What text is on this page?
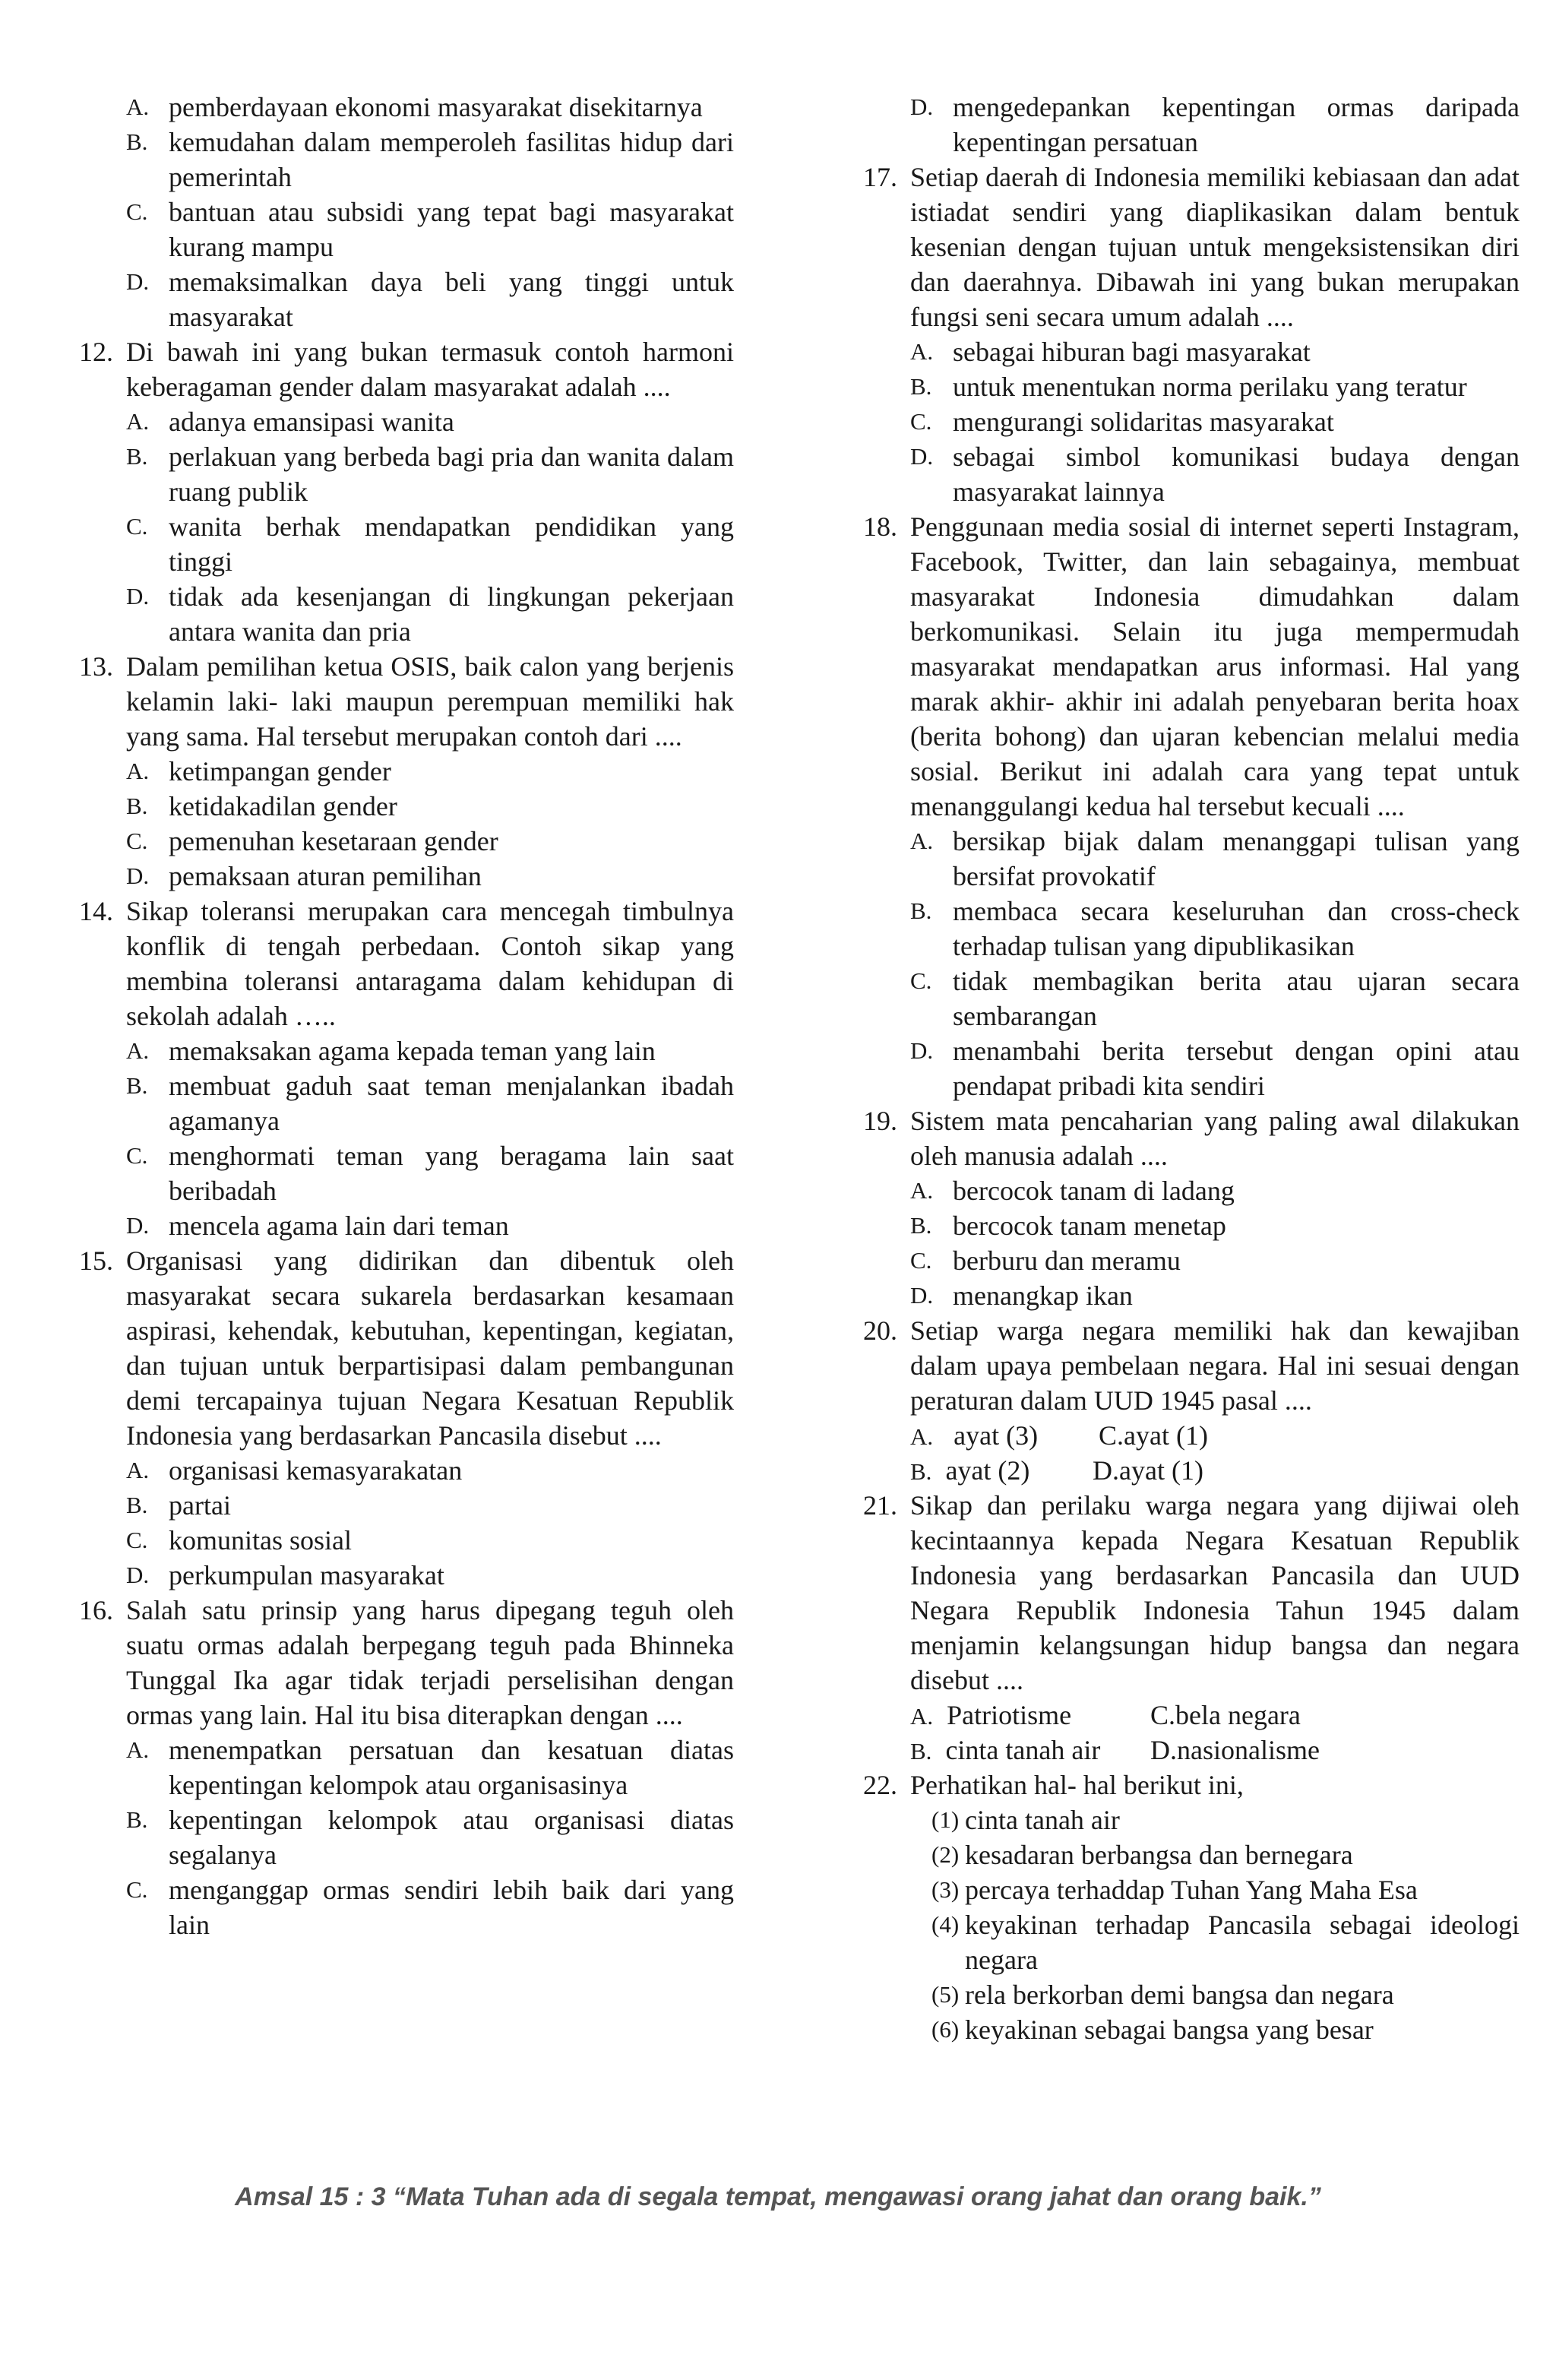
A. pemberdayaan ekonomi masyarakat disekitarnya
B. kemudahan dalam memperoleh fasilitas hidup dari pemerintah
C. bantuan atau subsidi yang tepat bagi masyarakat kurang mampu
D. memaksimalkan daya beli yang tinggi untuk masyarakat
12. Di bawah ini yang bukan termasuk contoh harmoni keberagaman gender dalam masyarakat adalah ....
A. adanya emansipasi wanita
B. perlakuan yang berbeda bagi pria dan wanita dalam ruang publik
C. wanita berhak mendapatkan pendidikan yang tinggi
D. tidak ada kesenjangan di lingkungan pekerjaan antara wanita dan pria
13. Dalam pemilihan ketua OSIS, baik calon yang berjenis kelamin laki- laki maupun perempuan memiliki hak yang sama. Hal tersebut merupakan contoh dari ....
A. ketimpangan gender
B. ketidakadilan gender
C. pemenuhan kesetaraan gender
D. pemaksaan aturan pemilihan
14. Sikap toleransi merupakan cara mencegah timbulnya konflik di tengah perbedaan. Contoh sikap yang membina toleransi antaragama dalam kehidupan di sekolah adalah …..
A. memaksakan agama kepada teman yang lain
B. membuat gaduh saat teman menjalankan ibadah agamanya
C. menghormati teman yang beragama lain saat beribadah
D. mencela agama lain dari teman
15. Organisasi yang didirikan dan dibentuk oleh masyarakat secara sukarela berdasarkan kesamaan aspirasi, kehendak, kebutuhan, kepentingan, kegiatan, dan tujuan untuk berpartisipasi dalam pembangunan demi tercapainya tujuan Negara Kesatuan Republik Indonesia yang berdasarkan Pancasila disebut ....
A. organisasi kemasyarakatan
B. partai
C. komunitas sosial
D. perkumpulan masyarakat
16. Salah satu prinsip yang harus dipegang teguh oleh suatu ormas adalah berpegang teguh pada Bhinneka Tunggal Ika agar tidak terjadi perselisihan dengan ormas yang lain. Hal itu bisa diterapkan dengan ....
A. menempatkan persatuan dan kesatuan diatas kepentingan kelompok atau organisasinya
B. kepentingan kelompok atau organisasi diatas segalanya
C. menganggap ormas sendiri lebih baik dari yang lain
D. mengedepankan kepentingan ormas daripada kepentingan persatuan
17. Setiap daerah di Indonesia memiliki kebiasaan dan adat istiadat sendiri yang diaplikasikan dalam bentuk kesenian dengan tujuan untuk mengeksistensikan diri dan daerahnya. Dibawah ini yang bukan merupakan fungsi seni secara umum adalah ....
A. sebagai hiburan bagi masyarakat
B. untuk menentukan norma perilaku yang teratur
C. mengurangi solidaritas masyarakat
D. sebagai simbol komunikasi budaya dengan masyarakat lainnya
18. Penggunaan media sosial di internet seperti Instagram, Facebook, Twitter, dan lain sebagainya, membuat masyarakat Indonesia dimudahkan dalam berkomunikasi. Selain itu juga mempermudah masyarakat mendapatkan arus informasi. Hal yang marak akhir- akhir ini adalah penyebaran berita hoax (berita bohong) dan ujaran kebencian melalui media sosial. Berikut ini adalah cara yang tepat untuk menanggulangi kedua hal tersebut kecuali ....
A. bersikap bijak dalam menanggapi tulisan yang bersifat provokatif
B. membaca secara keseluruhan dan cross-check terhadap tulisan yang dipublikasikan
C. tidak membagikan berita atau ujaran secara sembarangan
D. menambahi berita tersebut dengan opini atau pendapat pribadi kita sendiri
19. Sistem mata pencaharian yang paling awal dilakukan oleh manusia adalah ....
A. bercocok tanam di ladang
B. bercocok tanam menetap
C. berburu dan meramu
D. menangkap ikan
20. Setiap warga negara memiliki hak dan kewajiban dalam upaya pembelaan negara. Hal ini sesuai dengan peraturan dalam UUD 1945 pasal ....
A. ayat (3) C.ayat (1)
B. ayat (2) D.ayat (1)
21. Sikap dan perilaku warga negara yang dijiwai oleh kecintaannya kepada Negara Kesatuan Republik Indonesia yang berdasarkan Pancasila dan UUD Negara Republik Indonesia Tahun 1945 dalam menjamin kelangsungan hidup bangsa dan negara disebut ....
A. Patriotisme	C.bela negara
B. cinta tanah air D.nasionalisme
22. Perhatikan hal- hal berikut ini,
(1) cinta tanah air
(2) kesadaran berbangsa dan bernegara
(3) percaya terhaddap Tuhan Yang Maha Esa
(4) keyakinan terhadap Pancasila sebagai ideologi negara
(5) rela berkorban demi bangsa dan negara
(6) keyakinan sebagai bangsa yang besar
Amsal 15 : 3 “Mata Tuhan ada di segala tempat, mengawasi orang jahat dan orang baik.”
